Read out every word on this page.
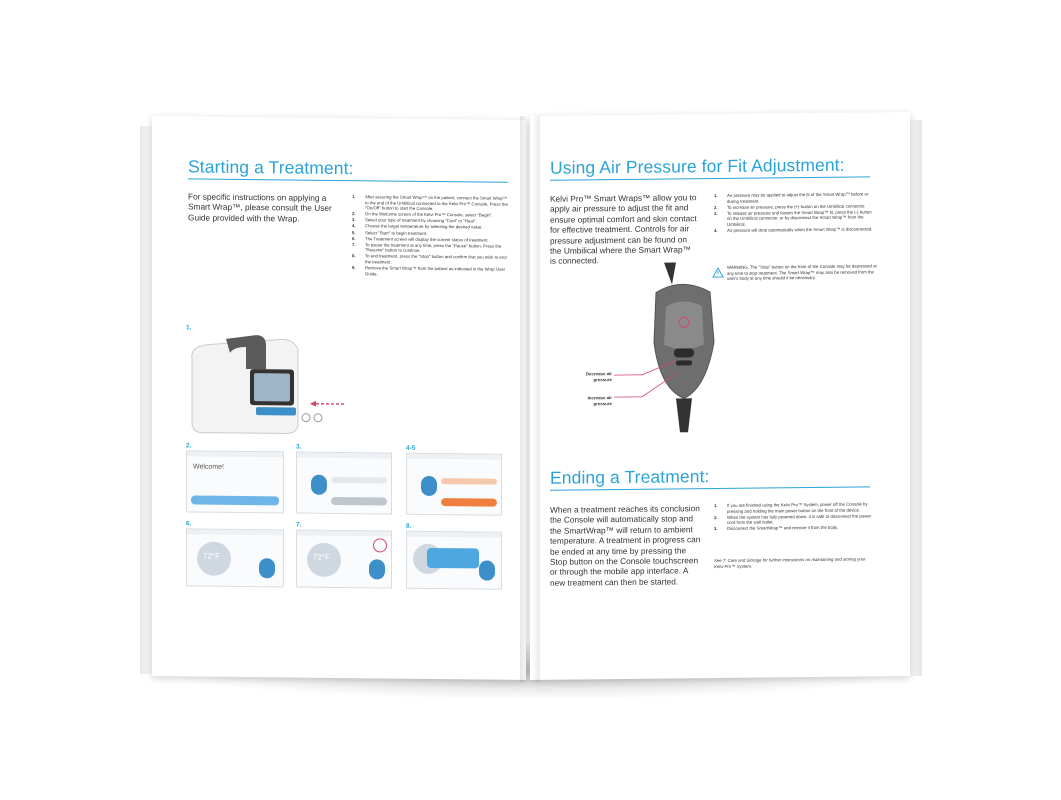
Starting a Treatment:
For specific instructions on applying a Smart Wrap™, please consult the User Guide provided with the Wrap.
1. After securing the Smart Wrap™ on the patient, connect the Smart Wrap™ to the end of the Umbilical connected to the Kelvi Pro™ Console. Press the "On/Off" button to start the Console.
2. On the Welcome screen of the Kelvi Pro™ Console, select "Begin".
3. Select your type of treatment by choosing "Cool" or "Heat".
4. Choose the target temperature by selecting the desired value.
5. Select "Start" to begin treatment.
6. The Treatment screen will display the current status of treatment.
7. To pause the treatment at any time, press the "Pause" button. Press the "Resume" button to continue.
8. To end treatment, press the "Stop" button and confirm that you wish to end the treatment.
9. Remove the Smart Wrap™ from the patient as indicated in the Wrap User Guide.
1.
2.
Welcome!
3.	4-5
6.
72°F
7.
72°F
8.
Using Air Pressure for Fit Adjustment:
Kelvi Pro™ Smart Wraps™ allow you to apply air pressure to adjust the fit and ensure optimal comfort and skin contact for effective treatment. Controls for air pressure adjustment can be found on the Umbilical where the Smart Wrap™ is connected.
1. Air pressure may be applied to adjust the fit of the Smart Wrap™ before or during treatment.
2. To increase air pressure, press the (+) button on the Umbilical connector.
3. To release air pressure and loosen the Smart Wrap™ fit, press the (-) button on the Umbilical connector, or by disconnect the Smart Wrap™ from the Umbilical.
4. Air pressure will drop automatically when the Smart Wrap™ is disconnected.
WARNING: The "Stop" button on the front of the Console may be depressed at any time to stop treatment. The Smart Wrap™ may also be removed from the user's body at any time should it be necessary.
Decrease air pressure
Increase air pressure
Ending a Treatment:
When a treatment reaches its conclusion the Console will automatically stop and the SmartWrap™ will return to ambient temperature. A treatment in progress can be ended at any time by pressing the Stop button on the Console touchscreen or through the mobile app interface. A new treatment can then be started.
1. If you are finished using the Kelvi Pro™ System, power off the Console by pressing and holding the main power button on the front of the device.
2. When the system has fully powered down, it is safe to disconnect the power cord from the wall outlet.
3. Disconnect the SmartWrap™ and remove it from the body.
See 7: Care and Storage for further instructions on maintaining and storing your Kelvi Pro™ System.
